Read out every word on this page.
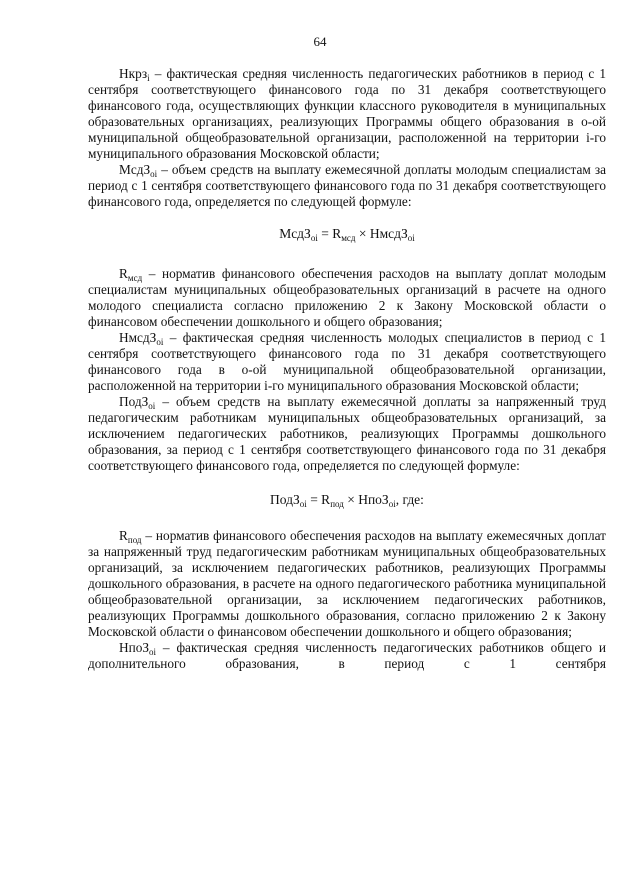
64

Нкрз$_i$ – фактическая средняя численность педагогических работников в период с 1 сентября соответствующего финансового года по 31 декабря соответствующего финансового года, осуществляющих функции классного руководителя в муниципальных образовательных организациях, реализующих Программы общего образования в о-ой муниципальной общеобразовательной организации, расположенной на территории i-го муниципального образования Московской области;

МсдЗ$_{oi}$ – объем средств на выплату ежемесячной доплаты молодым специалистам за период с 1 сентября соответствующего финансового года по 31 декабря соответствующего финансового года, определяется по следующей формуле:

МсдЗ$_{oi}$ = $R_{мсд}$ × НмсдЗ$_{oi}$

$R_{мсд}$ – норматив финансового обеспечения расходов на выплату доплат молодым специалистам муниципальных общеобразовательных организаций в расчете на одного молодого специалиста согласно приложению 2 к Закону Московской области о финансовом обеспечении дошкольного и общего образования;

НмсдЗ$_{oi}$ – фактическая средняя численность молодых специалистов в период с 1 сентября соответствующего финансового года по 31 декабря соответствующего финансового года в о-ой муниципальной общеобразовательной организации, расположенной на территории i-го муниципального образования Московской области;

ПодЗ$_{oi}$ – объем средств на выплату ежемесячной доплаты за напряженный труд педагогическим работникам муниципальных общеобразовательных организаций, за исключением педагогических работников, реализующих Программы дошкольного образования, за период с 1 сентября соответствующего финансового года по 31 декабря соответствующего финансового года, определяется по следующей формуле:

ПодЗ$_{oi}$ = $R_{под}$ × НпоЗ$_{oi}$, где:

$R_{под}$ – норматив финансового обеспечения расходов на выплату ежемесячных доплат за напряженный труд педагогическим работникам муниципальных общеобразовательных организаций, за исключением педагогических работников, реализующих Программы дошкольного образования, в расчете на одного педагогического работника муниципальной общеобразовательной организации, за исключением педагогических работников, реализующих Программы дошкольного образования, согласно приложению 2 к Закону Московской области о финансовом обеспечении дошкольного и общего образования;

НпоЗ$_{oi}$ – фактическая средняя численность педагогических работников общего и дополнительного образования, в период с 1 сентября
